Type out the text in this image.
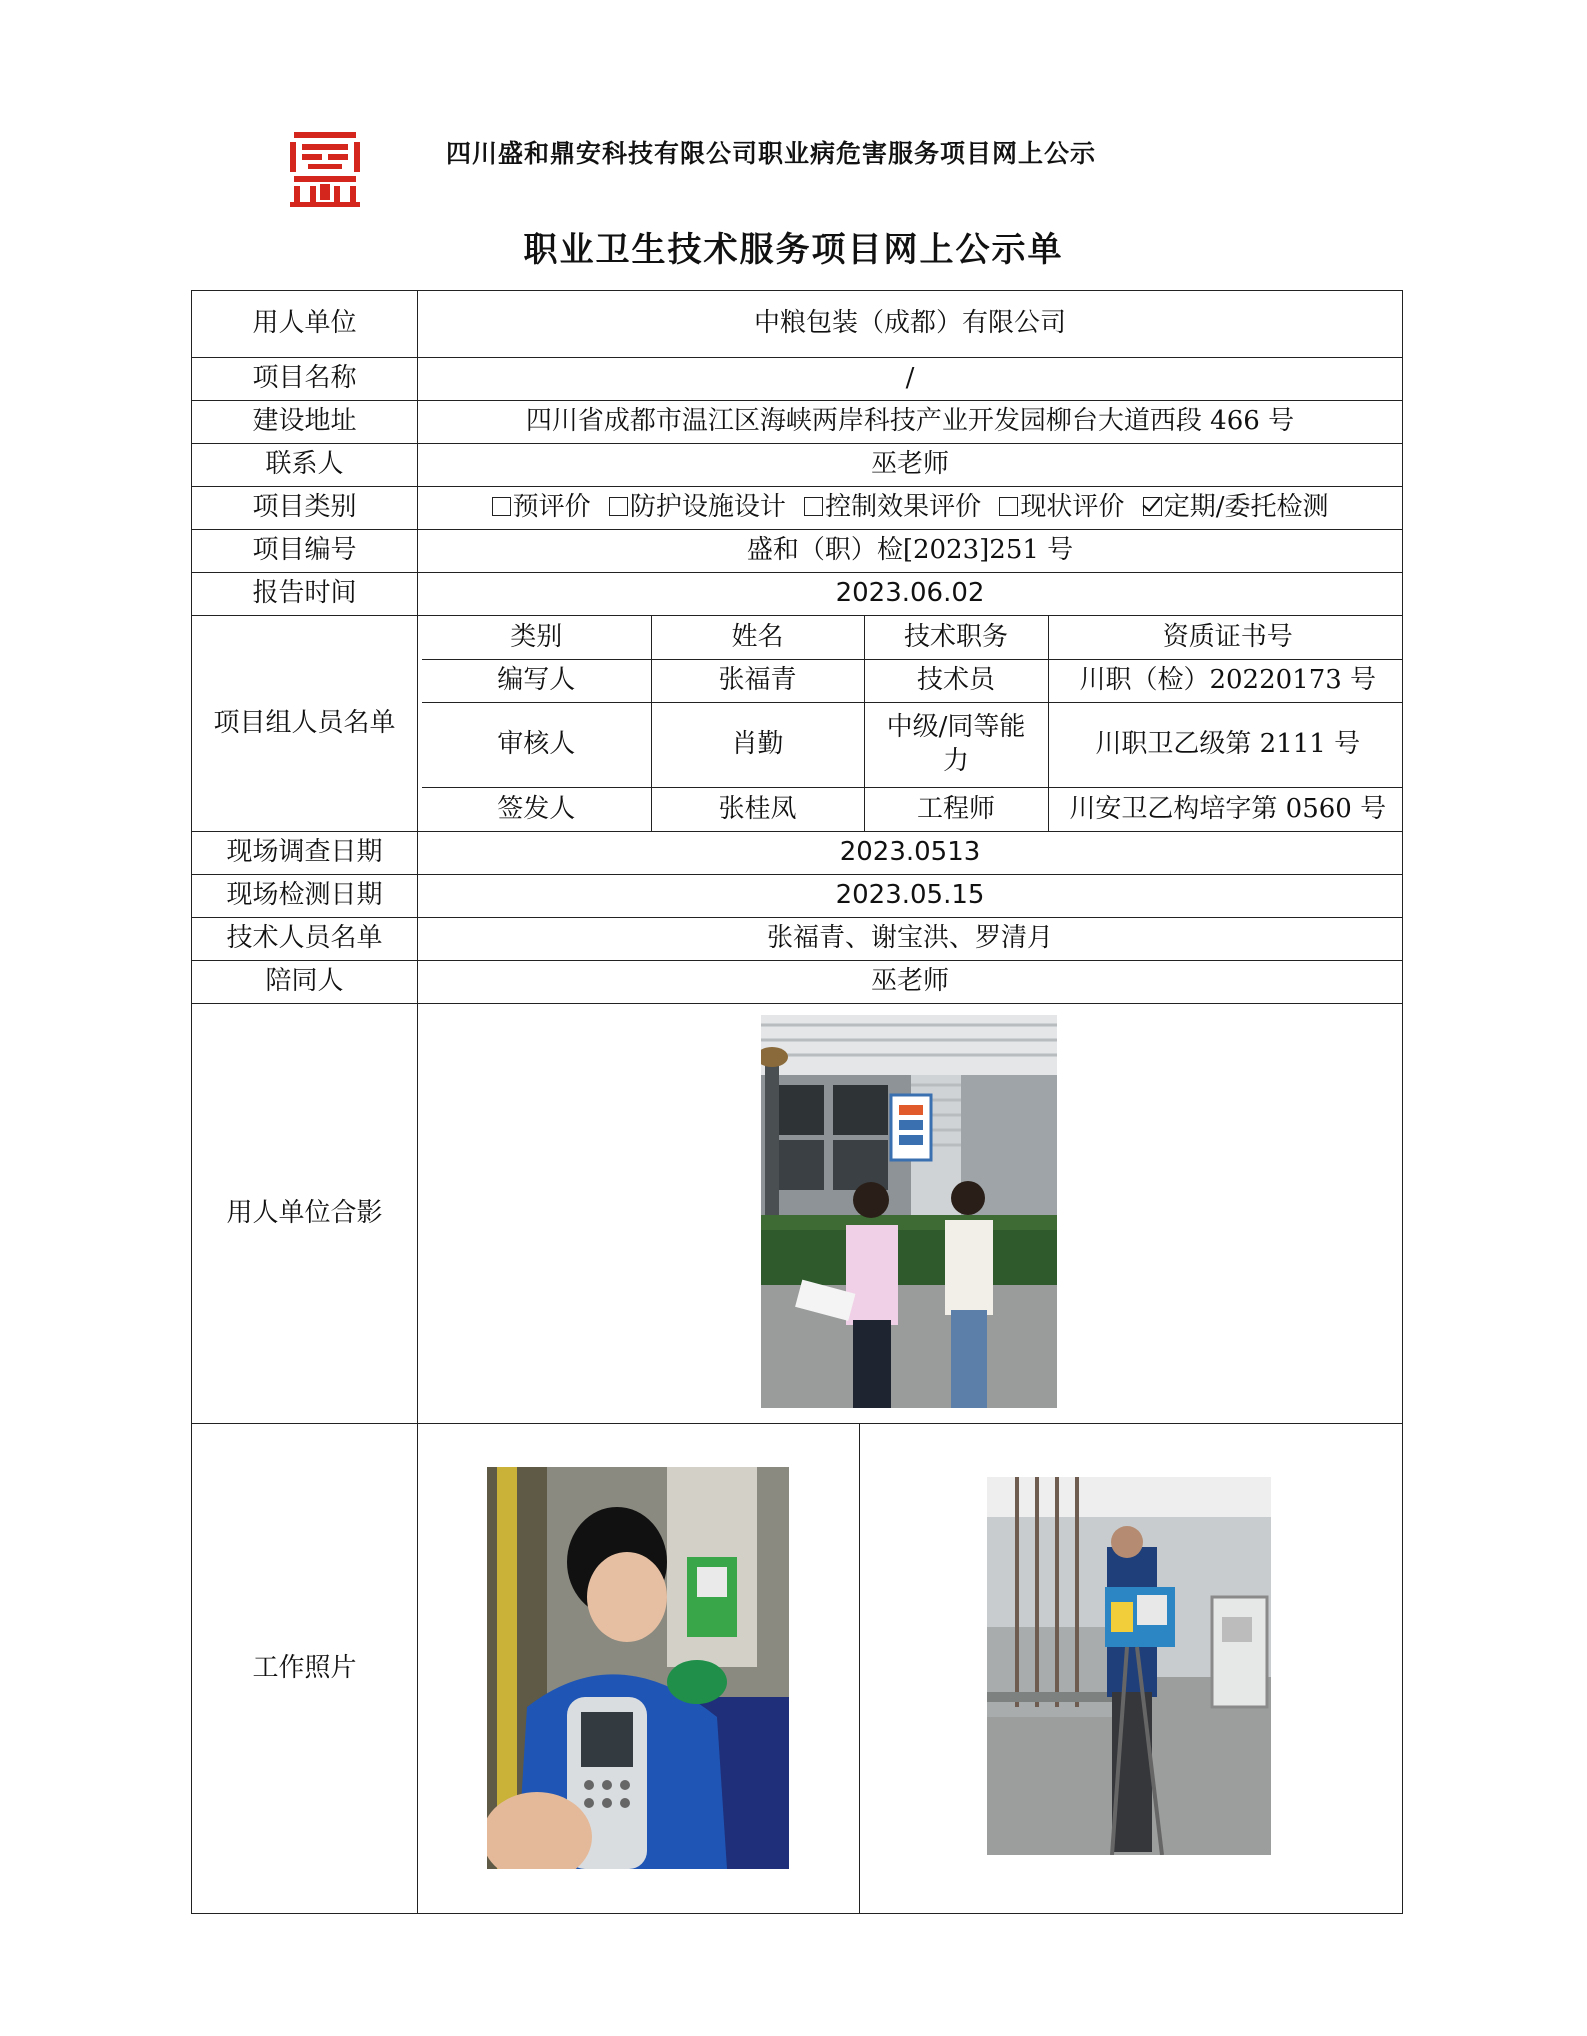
四川盛和鼎安科技有限公司职业病危害服务项目网上公示
职业卫生技术服务项目网上公示单
用人单位	中粮包装（成都）有限公司
项目名称	/
建设地址	四川省成都市温江区海峡两岸科技产业开发园柳台大道西段 466 号
联系人	巫老师
项目类别	预评价 防护设施设计 控制效果评价 现状评价 定期/委托检测
项目编号	盛和（职）检[2023]251 号
报告时间	2023.06.02
项目组人员名单	
类别	姓名	技术职务	资质证书号
编写人	张福青	技术员	川职（检）20220173 号
审核人	肖勤	中级/同等能力	川职卫乙级第 2111 号
签发人	张桂凤	工程师	川安卫乙构培字第 0560 号

现场调查日期	2023.0513
现场检测日期	2023.05.15
技术人员名单	张福青、谢宝洪、罗清月
陪同人	巫老师
用人单位合影	
工作照片		
